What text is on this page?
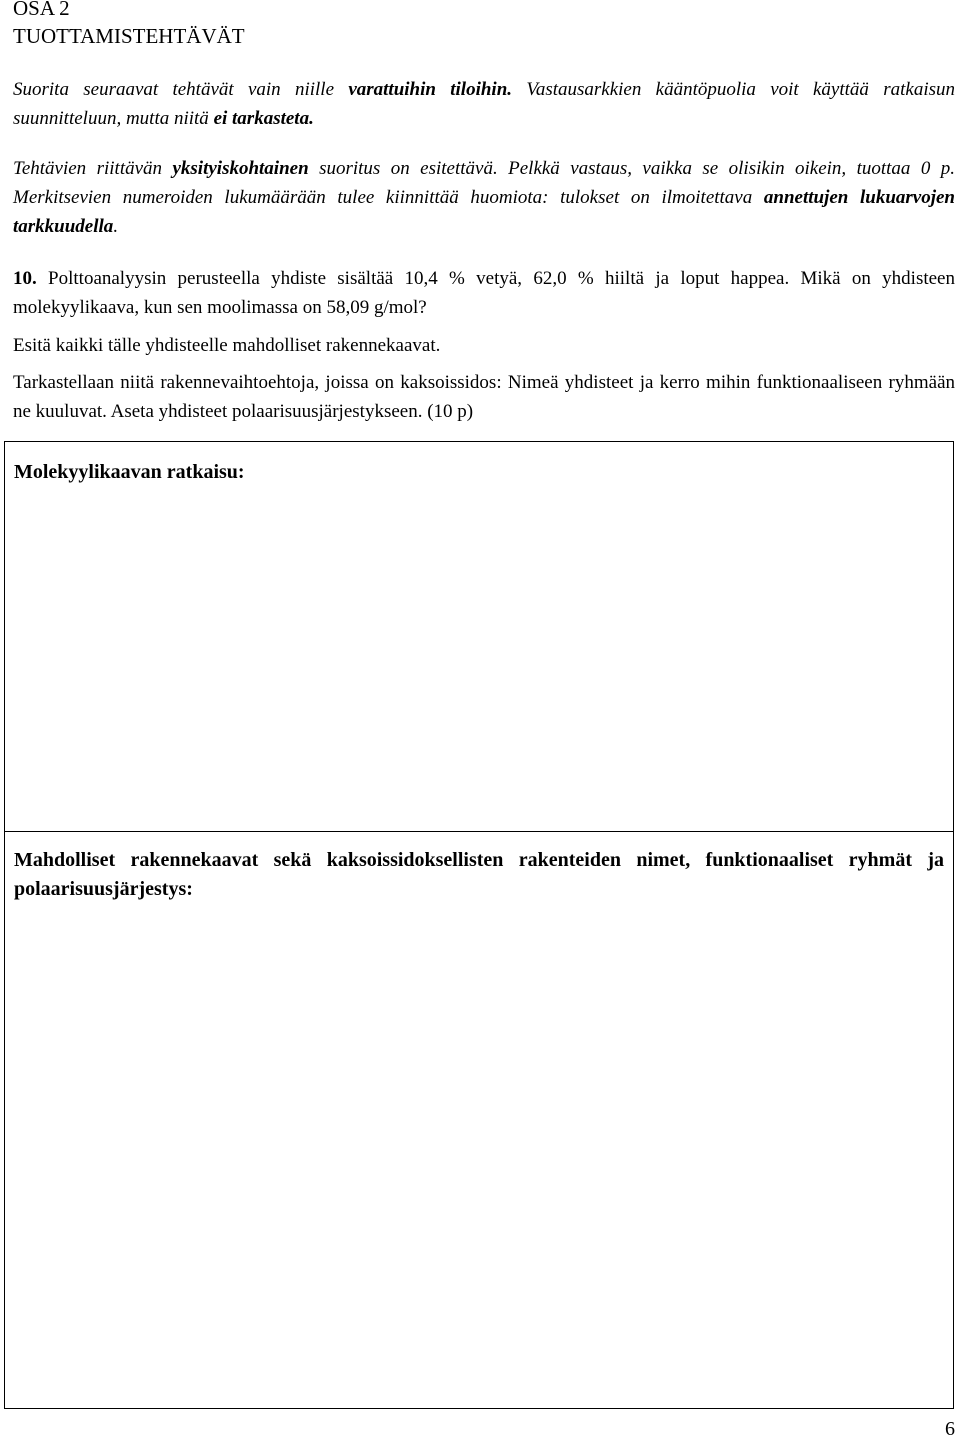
OSA 2
TUOTTAMISTEHTÄVÄT

Suorita seuraavat tehtävät vain niille varattuihin tiloihin. Vastausarkkien kääntöpuolia voit käyttää ratkaisun suunnitteluun, mutta niitä ei tarkasteta.

Tehtävien riittävän yksityiskohtainen suoritus on esitettävä. Pelkkä vastaus, vaikka se olisikin oikein, tuottaa 0 p. Merkitsevien numeroiden lukumäärään tulee kiinnittää huomiota: tulokset on ilmoitettava annettujen lukuarvojen tarkkuudella.

10. Polttoanalyysin perusteella yhdiste sisältää 10,4 % vetyä, 62,0 % hiiltä ja loput happea. Mikä on yhdisteen molekyylikaava, kun sen moolimassa on 58,09 g/mol?

Esitä kaikki tälle yhdisteelle mahdolliset rakennekaavat.

Tarkastellaan niitä rakennevaihtoehtoja, joissa on kaksoissidos: Nimeä yhdisteet ja kerro mihin funktionaaliseen ryhmään ne kuuluvat. Aseta yhdisteet polaarisuusjärjestykseen. (10 p)

Molekyylikaavan ratkaisu:
Mahdolliset rakennekaavat sekä kaksoissidoksellisten rakenteiden nimet, funktionaaliset ryhmät ja polaarisuusjärjestys:
6
